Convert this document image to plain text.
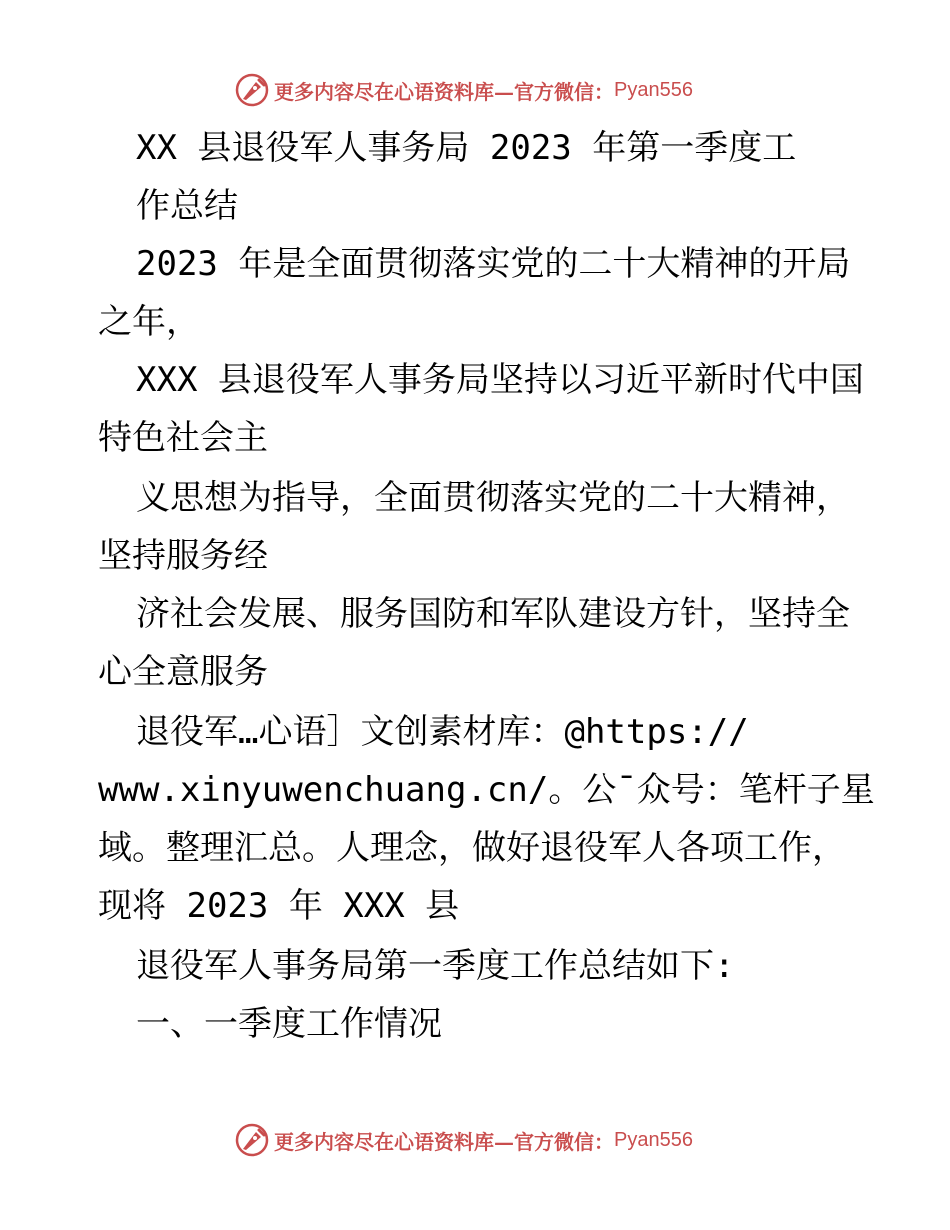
更多内容尽在心语资料库—官方微信： Pyan556
XX 县退役军人事务局 2023 年第一季度工
作总结
2023 年是全面贯彻落实党的二十大精神的开局
之年，
XXX 县退役军人事务局坚持以习近平新时代中国
特色社会主
义思想为指导，全面贯彻落实党的二十大精神，
坚持服务经
济社会发展、服务国防和军队建设方针，坚持全
心全意服务
退役军…心语］文创素材库：@https://
www.xinyuwenchuang.cn/。公¯众号：笔杆子星
域。整理汇总。人理念，做好退役军人各项工作，
现将 2023 年 XXX 县
退役军人事务局第一季度工作总结如下:
一、一季度工作情况
更多内容尽在心语资料库—官方微信： Pyan556
